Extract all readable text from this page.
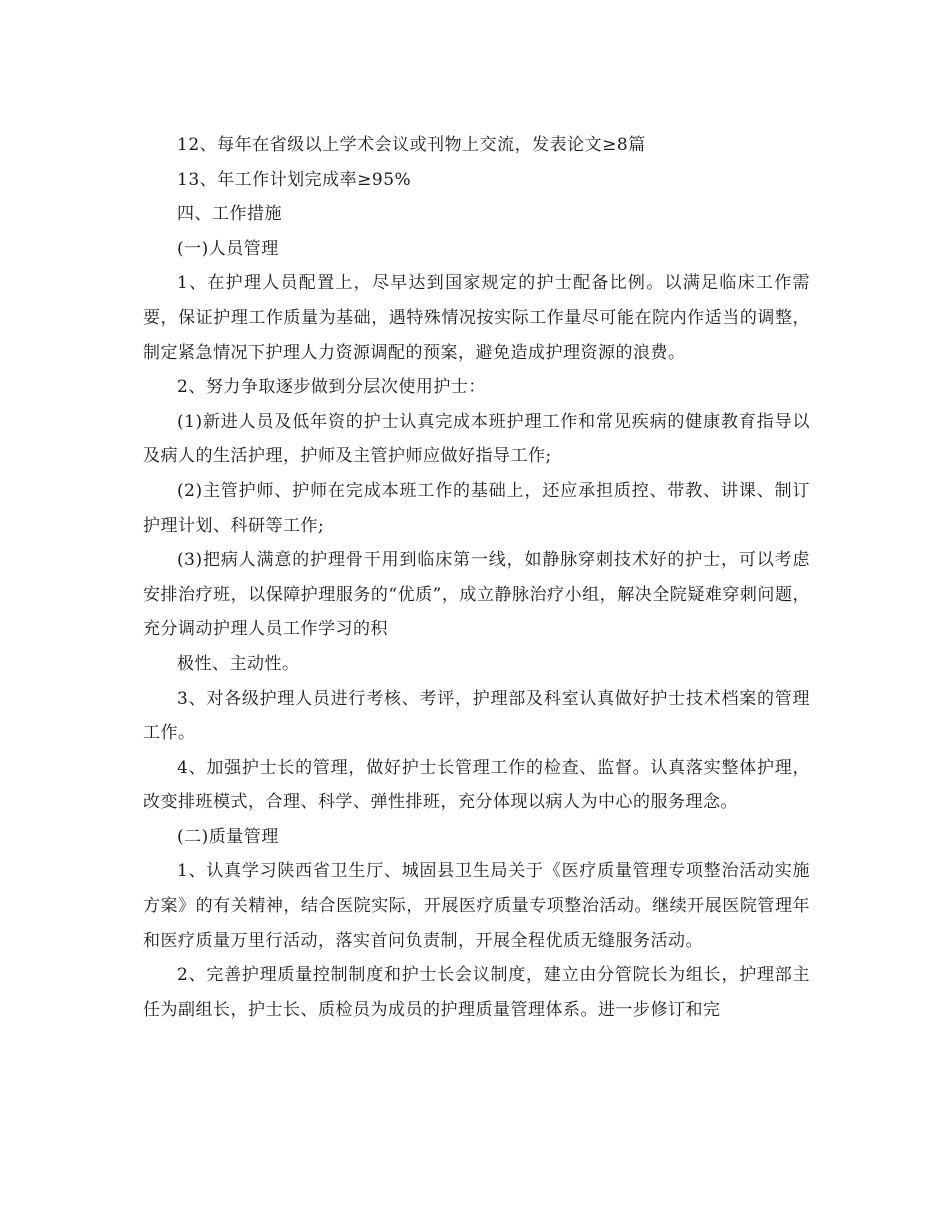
12、每年在省级以上学术会议或刊物上交流，发表论文≥8篇

13、年工作计划完成率≥95%

四、工作措施

(一)人员管理

1、在护理人员配置上，尽早达到国家规定的护士配备比例。以满足临床工作需要，保证护理工作质量为基础，遇特殊情况按实际工作量尽可能在院内作适当的调整，制定紧急情况下护理人力资源调配的预案，避免造成护理资源的浪费。

2、努力争取逐步做到分层次使用护士：

(1)新进人员及低年资的护士认真完成本班护理工作和常见疾病的健康教育指导以及病人的生活护理，护师及主管护师应做好指导工作;

(2)主管护师、护师在完成本班工作的基础上，还应承担质控、带教、讲课、制订护理计划、科研等工作;

(3)把病人满意的护理骨干用到临床第一线，如静脉穿刺技术好的护士，可以考虑安排治疗班，以保障护理服务的“优质”，成立静脉治疗小组，解决全院疑难穿刺问题，充分调动护理人员工作学习的积

极性、主动性。

3、对各级护理人员进行考核、考评，护理部及科室认真做好护士技术档案的管理工作。

4、加强护士长的管理，做好护士长管理工作的检查、监督。认真落实整体护理，改变排班模式，合理、科学、弹性排班，充分体现以病人为中心的服务理念。

(二)质量管理

1、认真学习陕西省卫生厅、城固县卫生局关于《医疗质量管理专项整治活动实施方案》的有关精神，结合医院实际，开展医疗质量专项整治活动。继续开展医院管理年和医疗质量万里行活动，落实首问负责制，开展全程优质无缝服务活动。

2、完善护理质量控制制度和护士长会议制度，建立由分管院长为组长，护理部主任为副组长，护士长、质检员为成员的护理质量管理体系。进一步修订和完
